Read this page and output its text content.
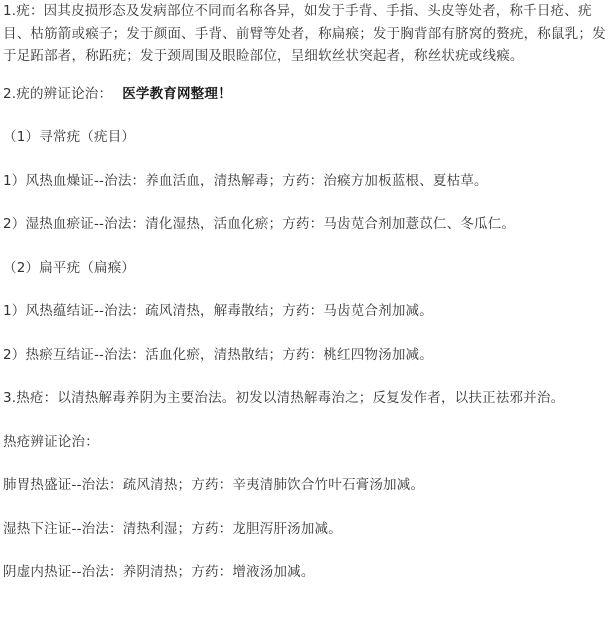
1.疣：因其皮损形态及发病部位不同而名称各异，如发于手背、手指、头皮等处者，称千日疮、疣目、枯筋箭或瘊子；发于颜面、手背、前臂等处者，称扁瘊；发于胸背部有脐窝的赘疣，称鼠乳；发于足跖部者，称跖疣；发于颈周围及眼睑部位，呈细软丝状突起者，称丝状疣或线瘊。

2.疣的辨证论治： 医学教育网整理！

（1）寻常疣（疣目）

1）风热血燥证--治法：养血活血，清热解毒；方药：治瘊方加板蓝根、夏枯草。

2）湿热血瘀证--治法：清化湿热，活血化瘀；方药：马齿苋合剂加薏苡仁、冬瓜仁。

（2）扁平疣（扁瘊）

1）风热蕴结证--治法：疏风清热，解毒散结；方药：马齿苋合剂加减。

2）热瘀互结证--治法：活血化瘀，清热散结；方药：桃红四物汤加减。

3.热疮：以清热解毒养阴为主要治法。初发以清热解毒治之；反复发作者，以扶正祛邪并治。

热疮辨证论治：

肺胃热盛证--治法：疏风清热；方药：辛夷清肺饮合竹叶石膏汤加减。

湿热下注证--治法：清热利湿；方药：龙胆泻肝汤加减。

阴虚内热证--治法：养阴清热；方药：增液汤加减。
